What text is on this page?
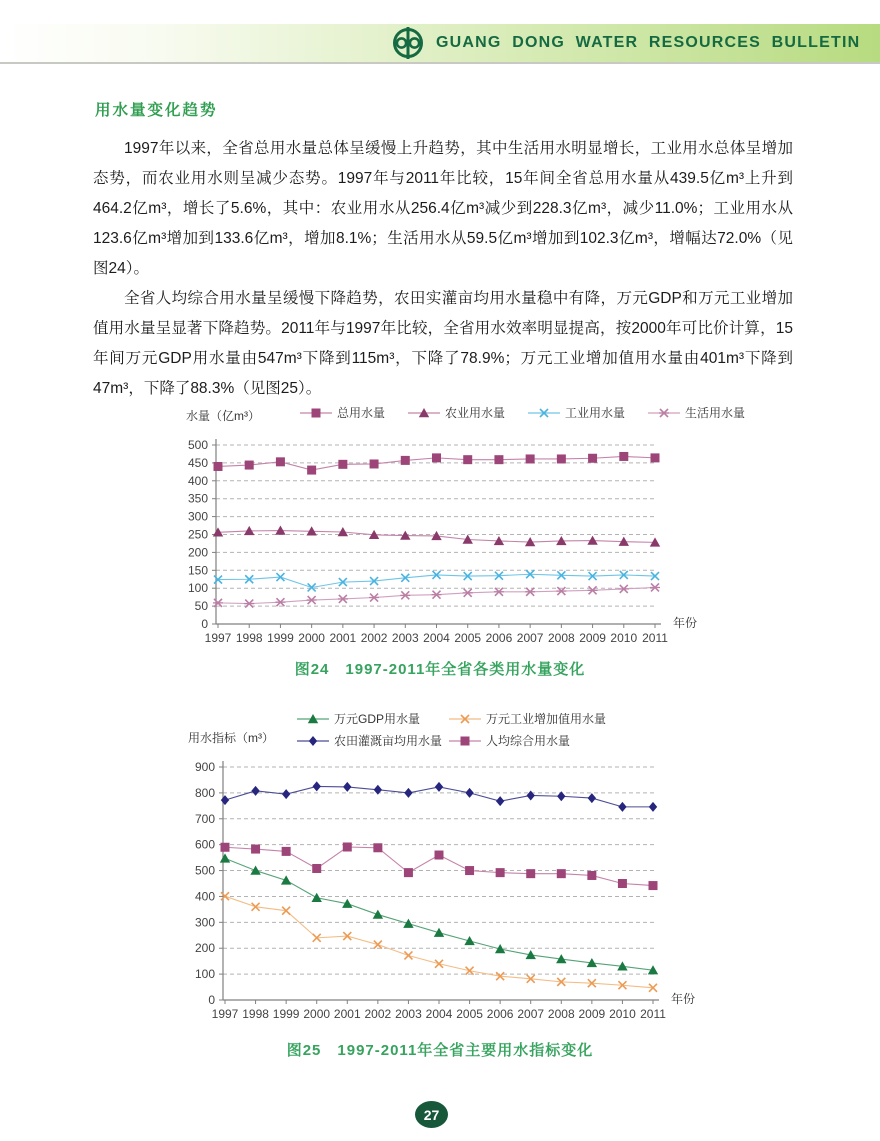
GUANG DONG WATER RESOURCES BULLETIN
用水量变化趋势

1997年以来，全省总用水量总体呈缓慢上升趋势，其中生活用水明显增长，工业用水总体呈增加态势，而农业用水则呈减少态势。1997年与2011年比较，15年间全省总用水量从439.5亿m³上升到464.2亿m³，增长了5.6%，其中：农业用水从256.4亿m³减少到228.3亿m³，减少11.0%；工业用水从123.6亿m³增加到133.6亿m³，增加8.1%；生活用水从59.5亿m³增加到102.3亿m³，增幅达72.0%（见图24）。

全省人均综合用水量呈缓慢下降趋势，农田实灌亩均用水量稳中有降，万元GDP和万元工业增加值用水量呈显著下降趋势。2011年与1997年比较，全省用水效率明显提高，按2000年可比价计算，15年间万元GDP用水量由547m³下降到115m³，下降了78.9%；万元工业增加值用水量由401m³下降到47m³，下降了88.3%（见图25）。

水量（亿m³）	总用水量	农业用水量	工业用水量	生活用水量
0
50
100
150
200
250
300
350
400
450
500
1997 1998 1999 2000 2001 2002 2003 2004 2005 2006 2007 2008 2009 2010 2011
年份
图24　1997-2011年全省各类用水量变化
万元GDP用水量	万元工业增加值用水量
农田灌溉亩均用水量	人均综合用水量
用水指标（m³）
0
100
200
300
400
500
600
700
800
900
1997 1998 1999 2000 2001 2002 2003 2004 2005 2006 2007 2008 2009 2010 2011
年份
图25　1997-2011年全省主要用水指标变化
27
